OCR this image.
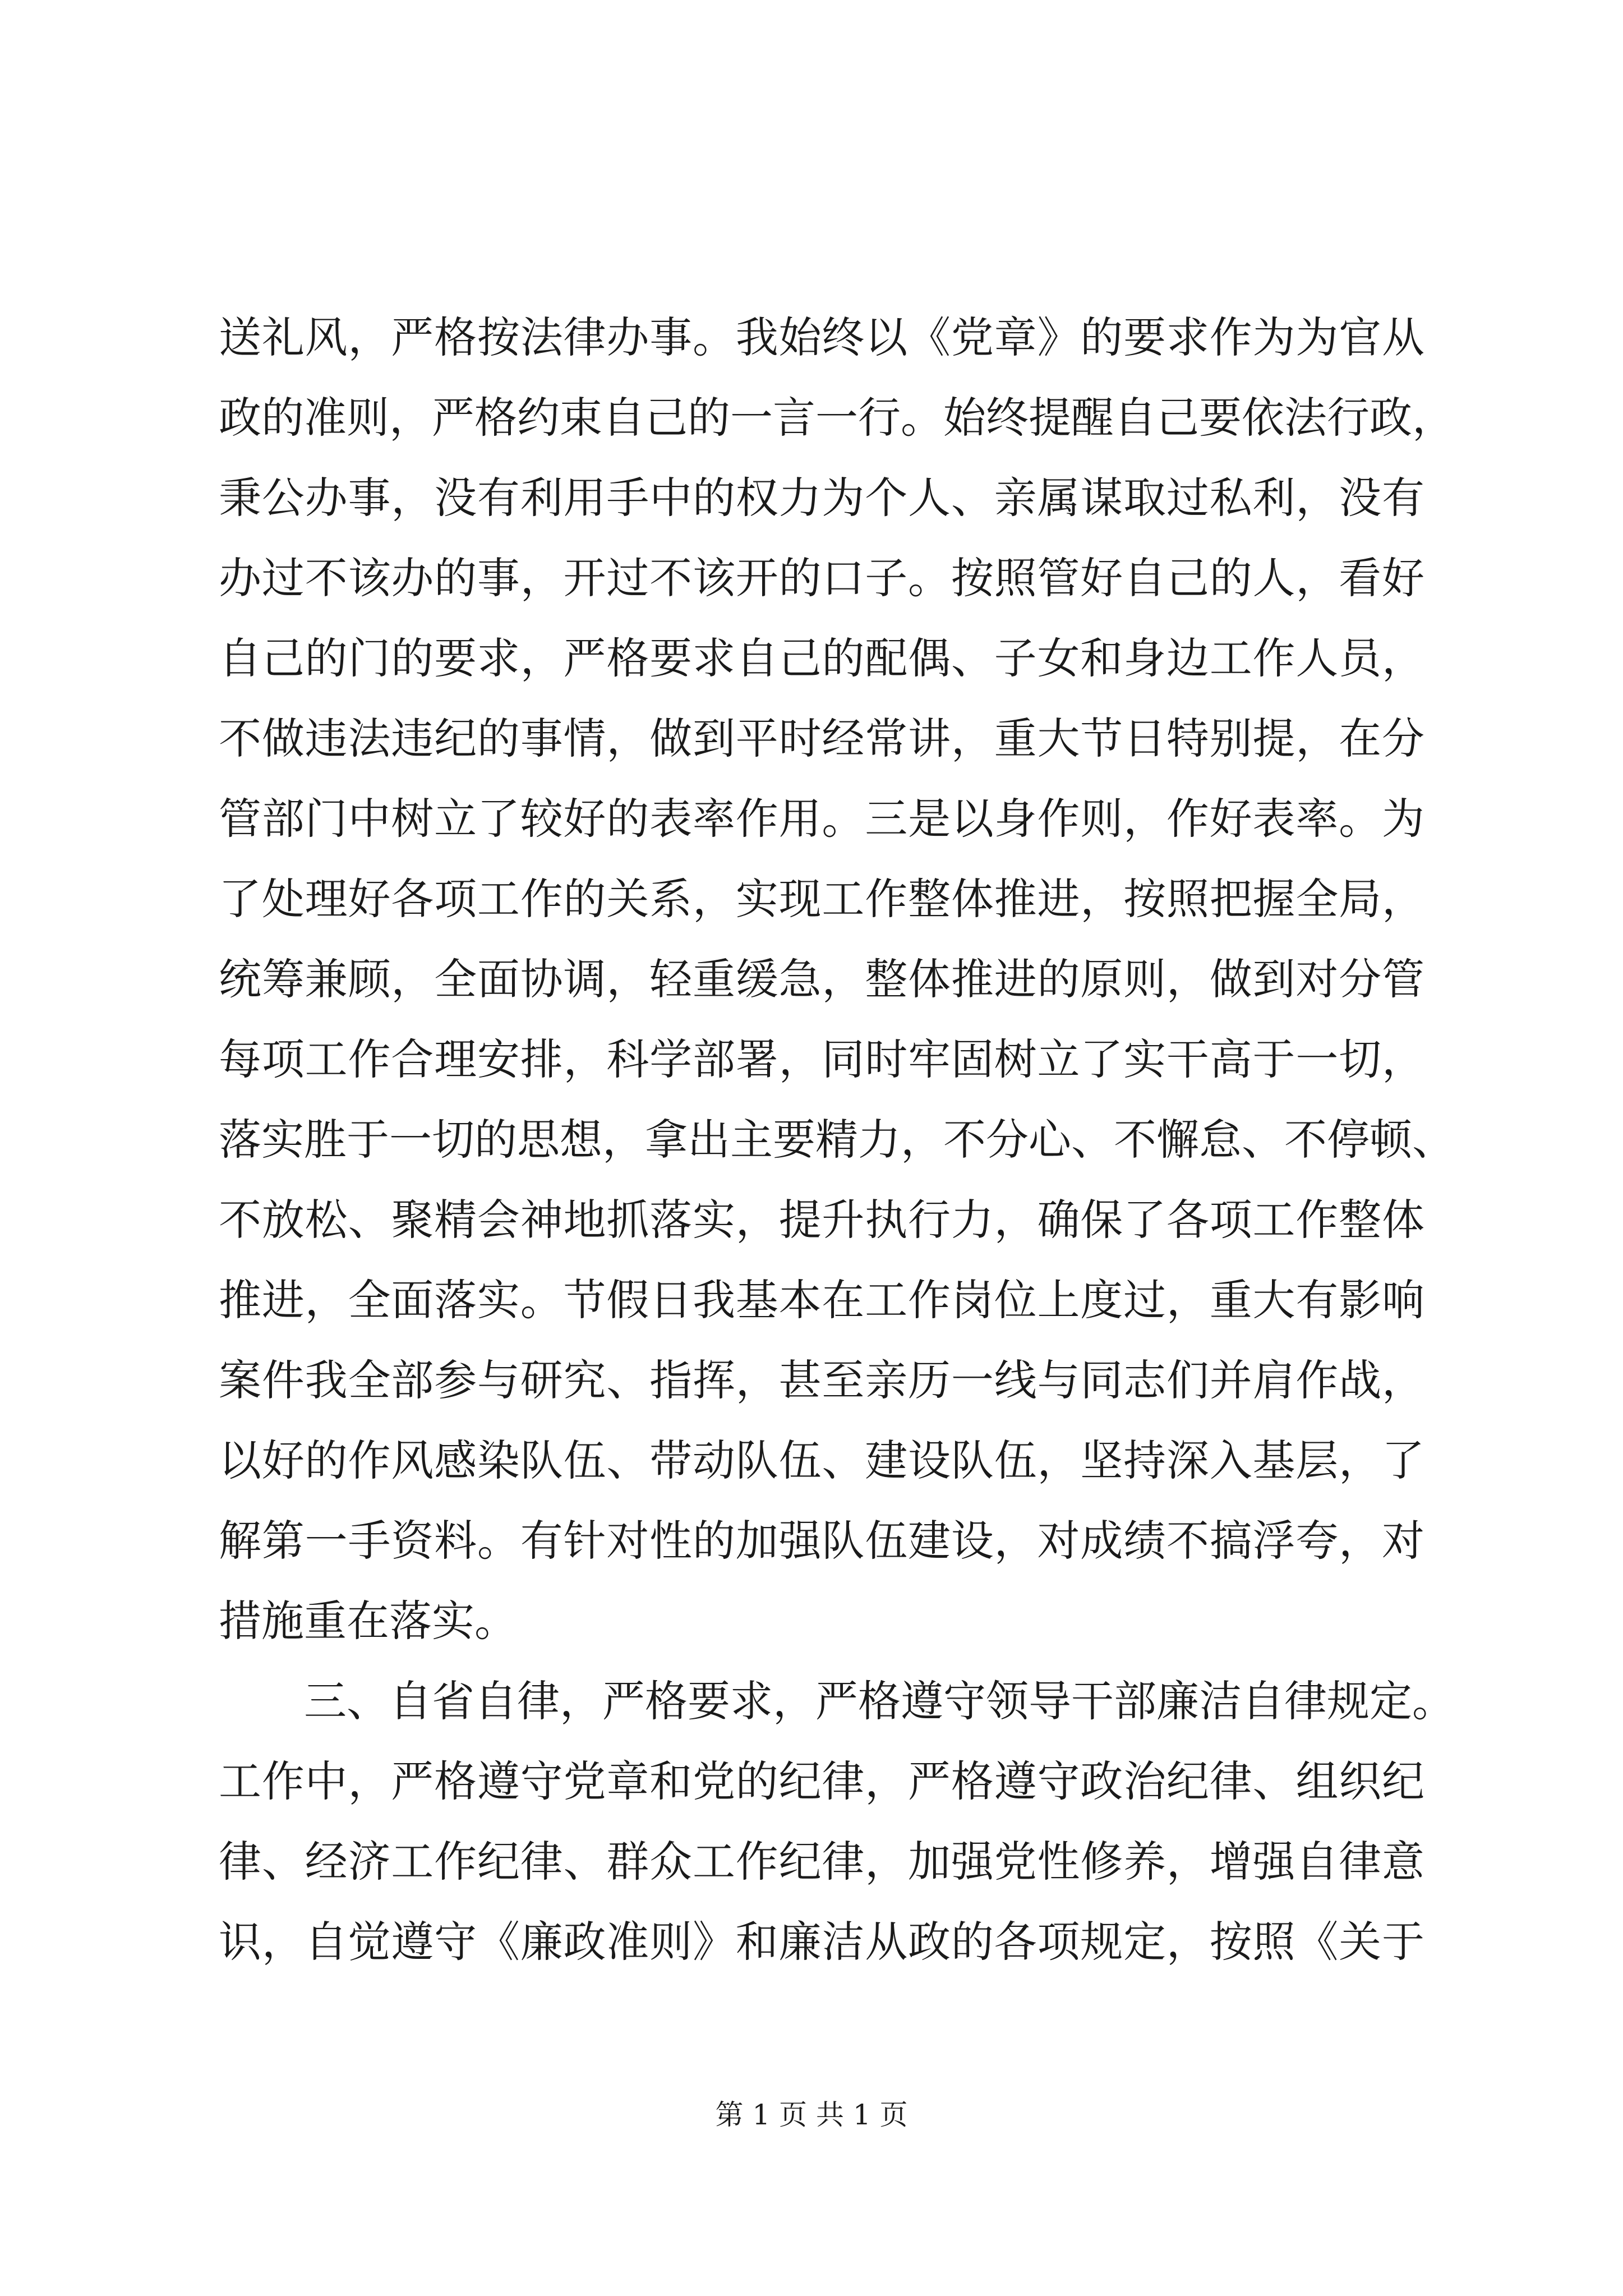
送礼风，严格按法律办事。我始终以《党章》的要求作为为官从
政的准则，严格约束自己的一言一行。始终提醒自己要依法行政，
秉公办事，没有利用手中的权力为个人、亲属谋取过私利，没有
办过不该办的事，开过不该开的口子。按照管好自己的人，看好
自己的门的要求，严格要求自己的配偶、子女和身边工作人员，
不做违法违纪的事情，做到平时经常讲，重大节日特别提，在分
管部门中树立了较好的表率作用。三是以身作则，作好表率。为
了处理好各项工作的关系，实现工作整体推进，按照把握全局，
统筹兼顾，全面协调，轻重缓急，整体推进的原则，做到对分管
每项工作合理安排，科学部署，同时牢固树立了实干高于一切，
落实胜于一切的思想，拿出主要精力，不分心、不懈怠、不停顿、
不放松、聚精会神地抓落实，提升执行力，确保了各项工作整体
推进，全面落实。节假日我基本在工作岗位上度过，重大有影响
案件我全部参与研究、指挥，甚至亲历一线与同志们并肩作战，
以好的作风感染队伍、带动队伍、建设队伍，坚持深入基层，了
解第一手资料。有针对性的加强队伍建设，对成绩不搞浮夸，对
措施重在落实。
三、自省自律，严格要求，严格遵守领导干部廉洁自律规定。
工作中，严格遵守党章和党的纪律，严格遵守政治纪律、组织纪
律、经济工作纪律、群众工作纪律，加强党性修养，增强自律意
识，自觉遵守《廉政准则》和廉洁从政的各项规定，按照《关于
第 1 页 共 1 页
